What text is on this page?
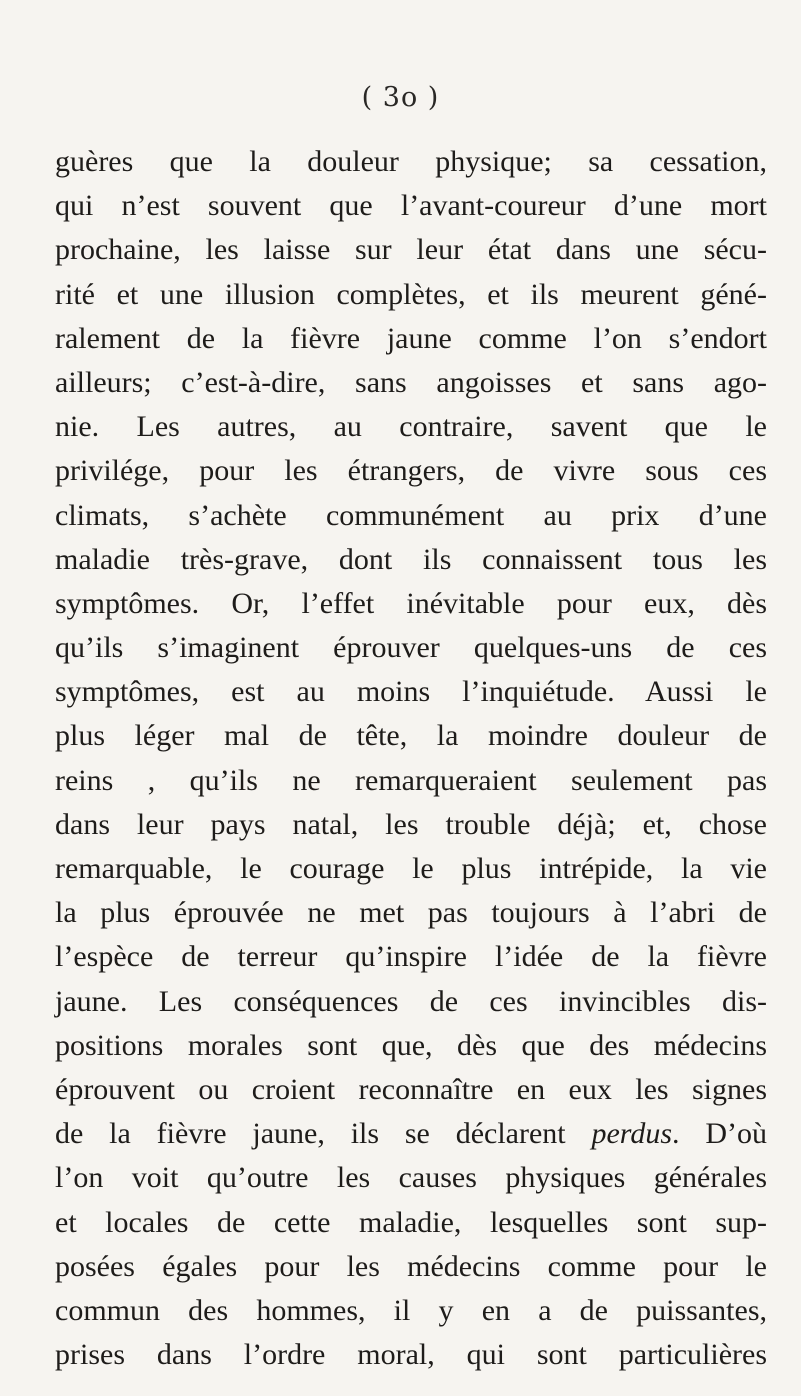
( 3o )
guères que la douleur physique; sa cessation,
qui n’est souvent que l’avant-coureur d’une mort
prochaine, les laisse sur leur état dans une sécu-
rité et une illusion complètes, et ils meurent géné-
ralement de la fièvre jaune comme l’on s’endort
ailleurs; c’est-à-dire, sans angoisses et sans ago-
nie. Les autres, au contraire, savent que le
privilége, pour les étrangers, de vivre sous ces
climats, s’achète communément au prix d’une
maladie très-grave, dont ils connaissent tous les
symptômes. Or, l’effet inévitable pour eux, dès
qu’ils s’imaginent éprouver quelques-uns de ces
symptômes, est au moins l’inquiétude. Aussi le
plus léger mal de tête, la moindre douleur de
reins , qu’ils ne remarqueraient seulement pas
dans leur pays natal, les trouble déjà; et, chose
remarquable, le courage le plus intrépide, la vie
la plus éprouvée ne met pas toujours à l’abri de
l’espèce de terreur qu’inspire l’idée de la fièvre
jaune. Les conséquences de ces invincibles dis-
positions morales sont que, dès que des médecins
éprouvent ou croient reconnaître en eux les signes
de la fièvre jaune, ils se déclarent perdus. D’où
l’on voit qu’outre les causes physiques générales
et locales de cette maladie, lesquelles sont sup-
posées égales pour les médecins comme pour le
commun des hommes, il y en a de puissantes,
prises dans l’ordre moral, qui sont particulières
